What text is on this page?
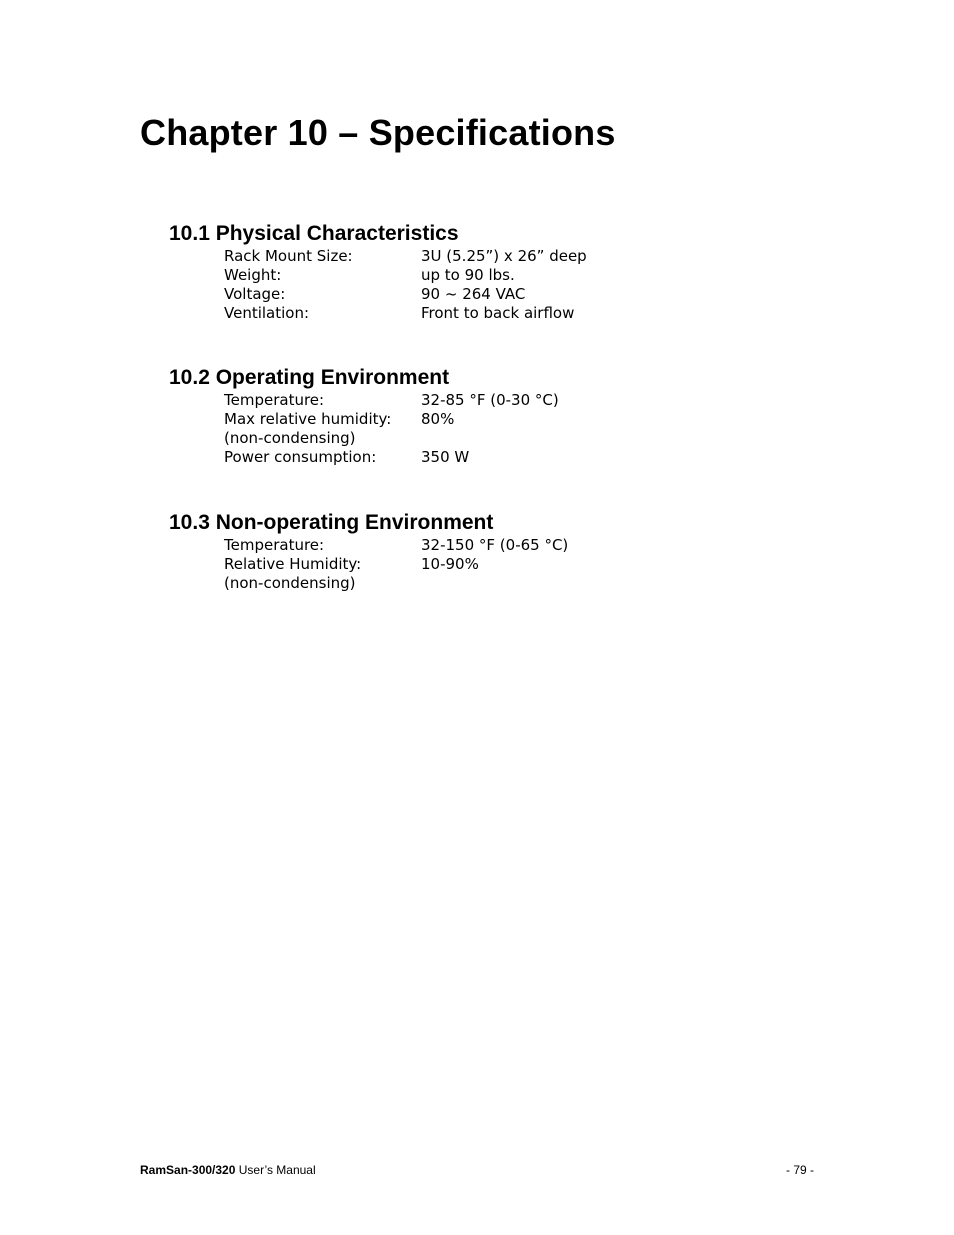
Chapter 10 – Specifications
10.1 Physical Characteristics
Rack Mount Size:	3U (5.25”) x 26” deep
Weight:	up to 90 lbs.
Voltage:	90 ~ 264 VAC
Ventilation:	Front to back airflow
10.2 Operating Environment
Temperature:	32-85 °F (0-30 °C)
Max relative humidity:	80%
(non-condensing)
Power consumption:	350 W
10.3 Non-operating Environment
Temperature:	32-150 °F (0-65 °C)
Relative Humidity:	10-90%
(non-condensing)
RamSan-300/320 User’s Manual	- 79 -
